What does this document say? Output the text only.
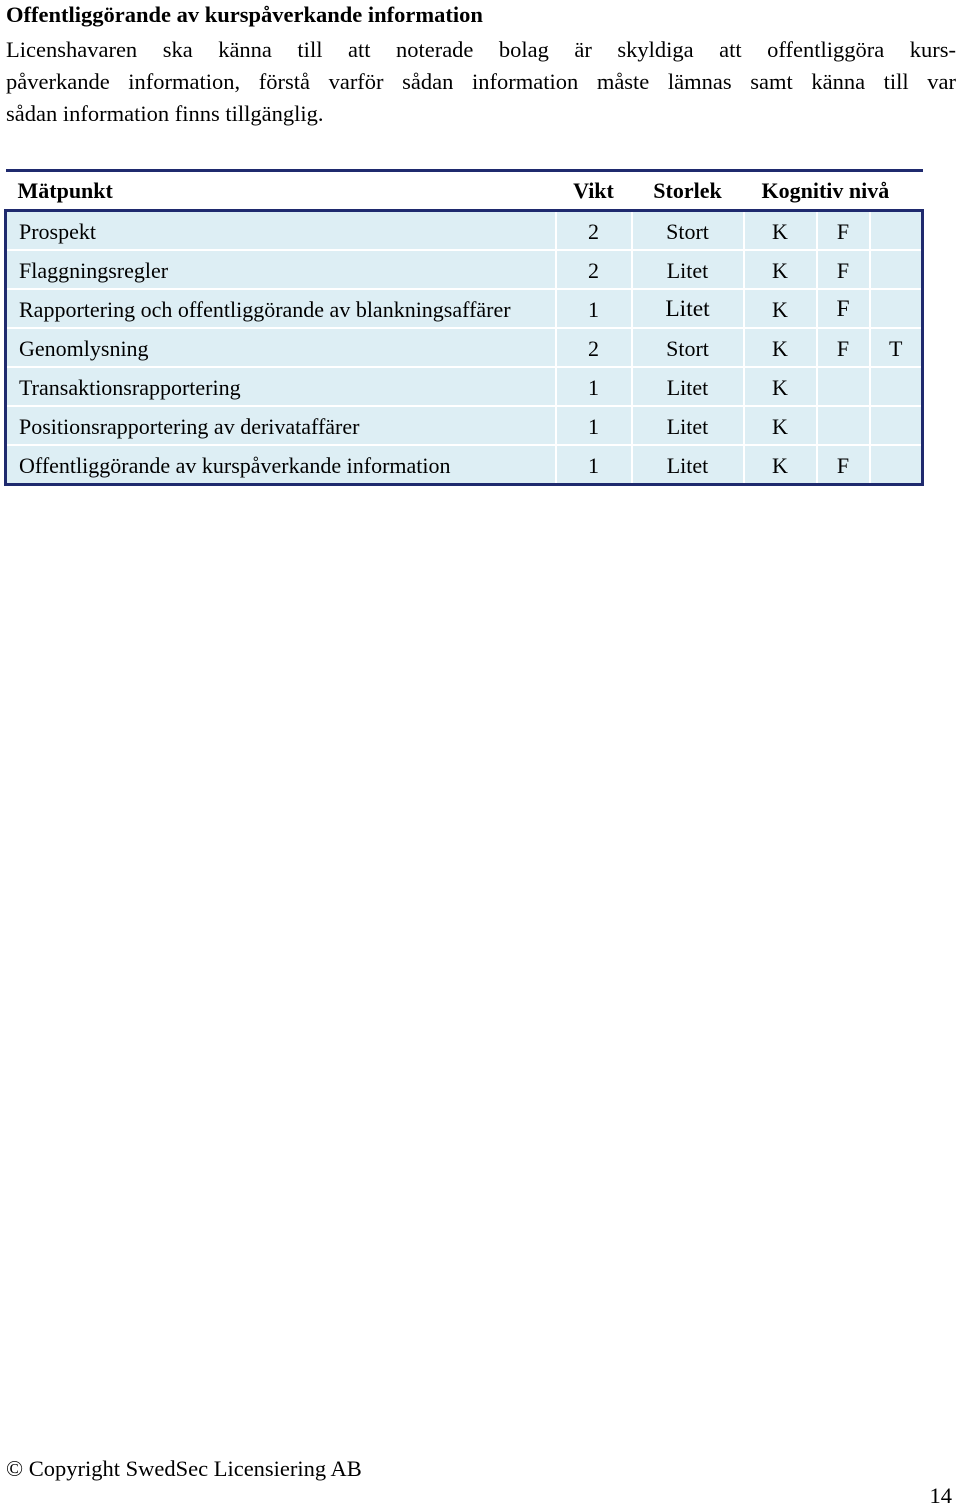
Offentliggörande av kurspåverkande information

Licenshavaren ska känna till att noterade bolag är skyldiga att offentliggöra kurs-
påverkande information, förstå varför sådan information måste lämnas samt känna till var
sådan information finns tillgänglig.

Mätpunkt	Vikt	Storlek	Kognitiv nivå		
Prospekt	2	Stort	K	F	
Flaggningsregler	2	Litet	K	F	
Rapportering och offentliggörande av blankningsaffärer	1	Litet	K	F	
Genomlysning	2	Stort	K	F	T
Transaktionsrapportering	1	Litet	K		
Positionsrapportering av derivataffärer	1	Litet	K		
Offentliggörande av kurspåverkande information	1	Litet	K	F	

© Copyright SwedSec Licensiering AB

14
